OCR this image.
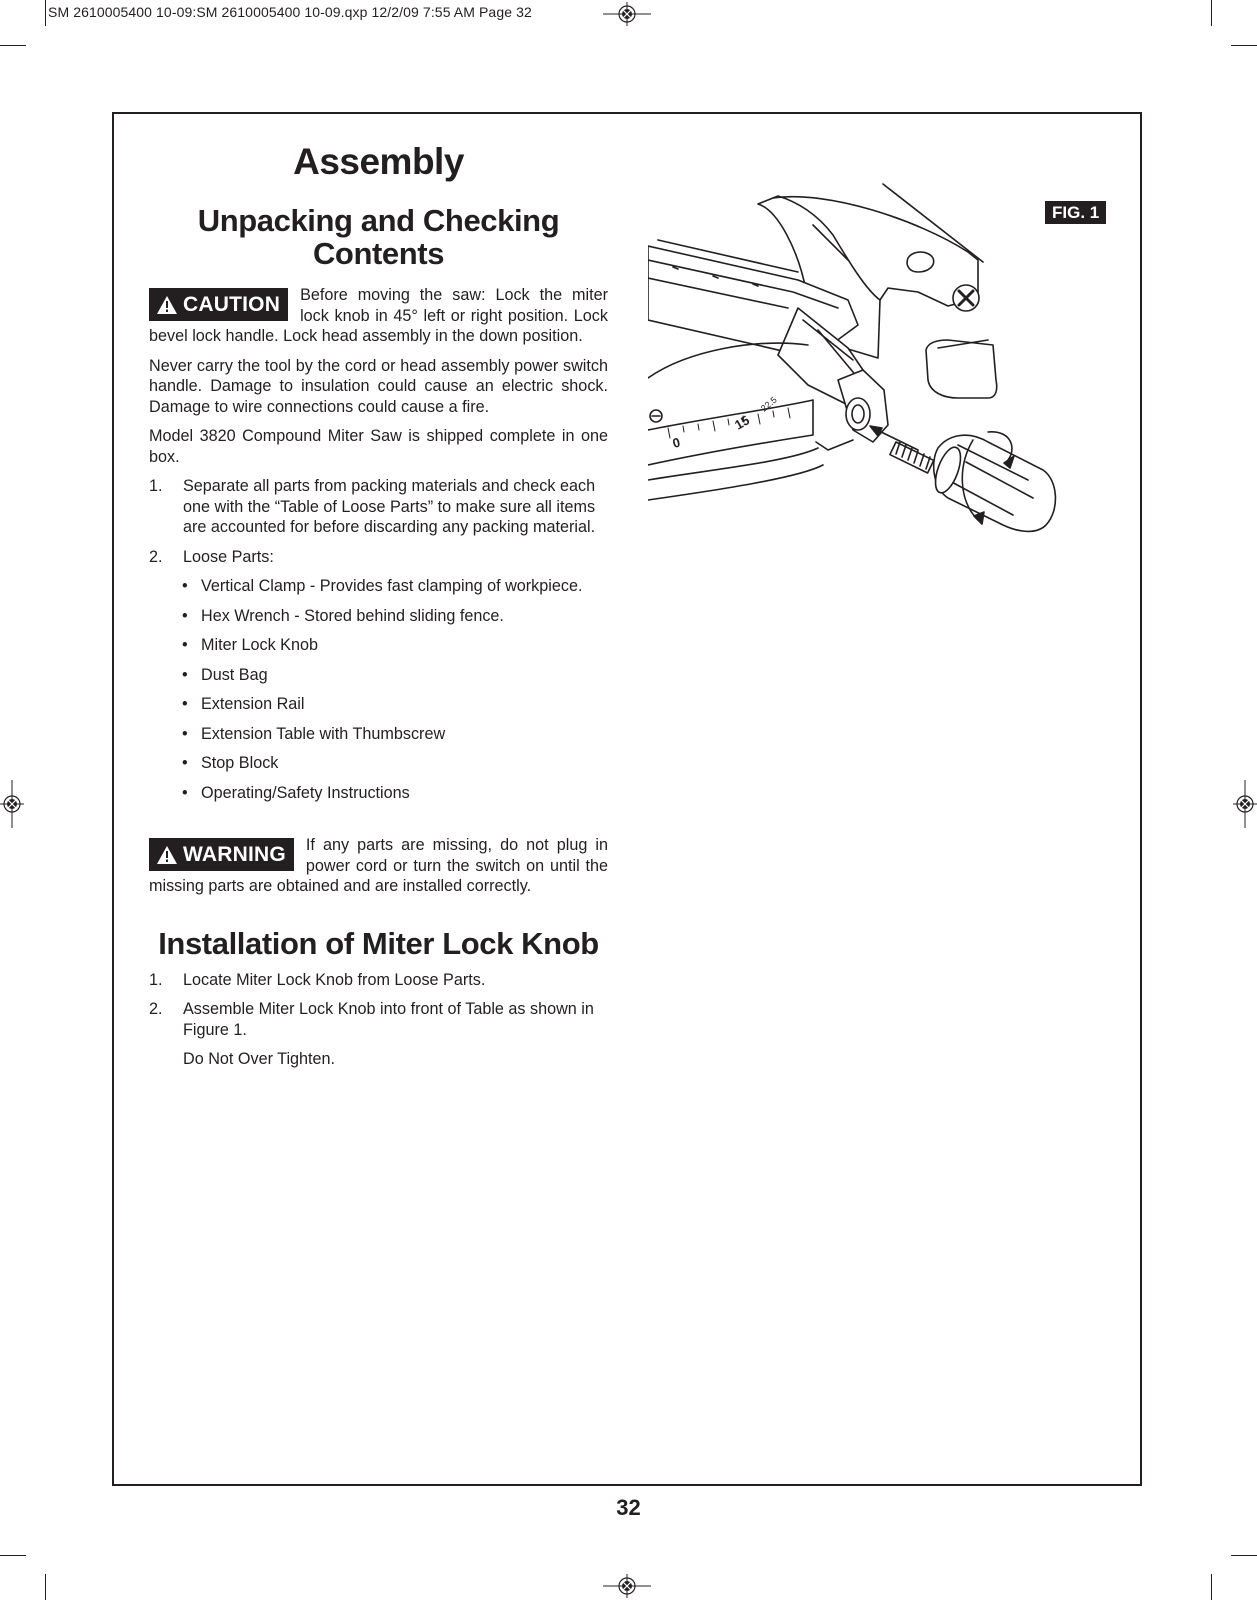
SM 2610005400 10-09:SM 2610005400 10-09.qxp 12/2/09 7:55 AM Page 32
Assembly
Unpacking and Checking Contents
CAUTION	Before moving the saw: Lock the miter lock knob in 45° left or right position. Lock bevel lock handle. Lock head assembly in the down position.

Never carry the tool by the cord or head assembly power switch handle. Damage to insulation could cause an electric shock. Damage to wire connections could cause a fire.

Model 3820 Compound Miter Saw is shipped complete in one box.

1. Separate all parts from packing materials and check each one with the “Table of Loose Parts” to make sure all items are accounted for before discarding any packing material.
2. Loose Parts:
• Vertical Clamp - Provides fast clamping of workpiece.
• Hex Wrench - Stored behind sliding fence.
• Miter Lock Knob
• Dust Bag
• Extension Rail
• Extension Table with Thumbscrew
• Stop Block
• Operating/Safety Instructions
WARNING	If any parts are missing, do not plug in power cord or turn the switch on until the missing parts are obtained and are installed correctly.

Installation of Miter Lock Knob
1. Locate Miter Lock Knob from Loose Parts.
2. Assemble Miter Lock Knob into front of Table as shown in Figure 1.
Do Not Over Tighten.
FIG. 1
0
15
22.5
32
